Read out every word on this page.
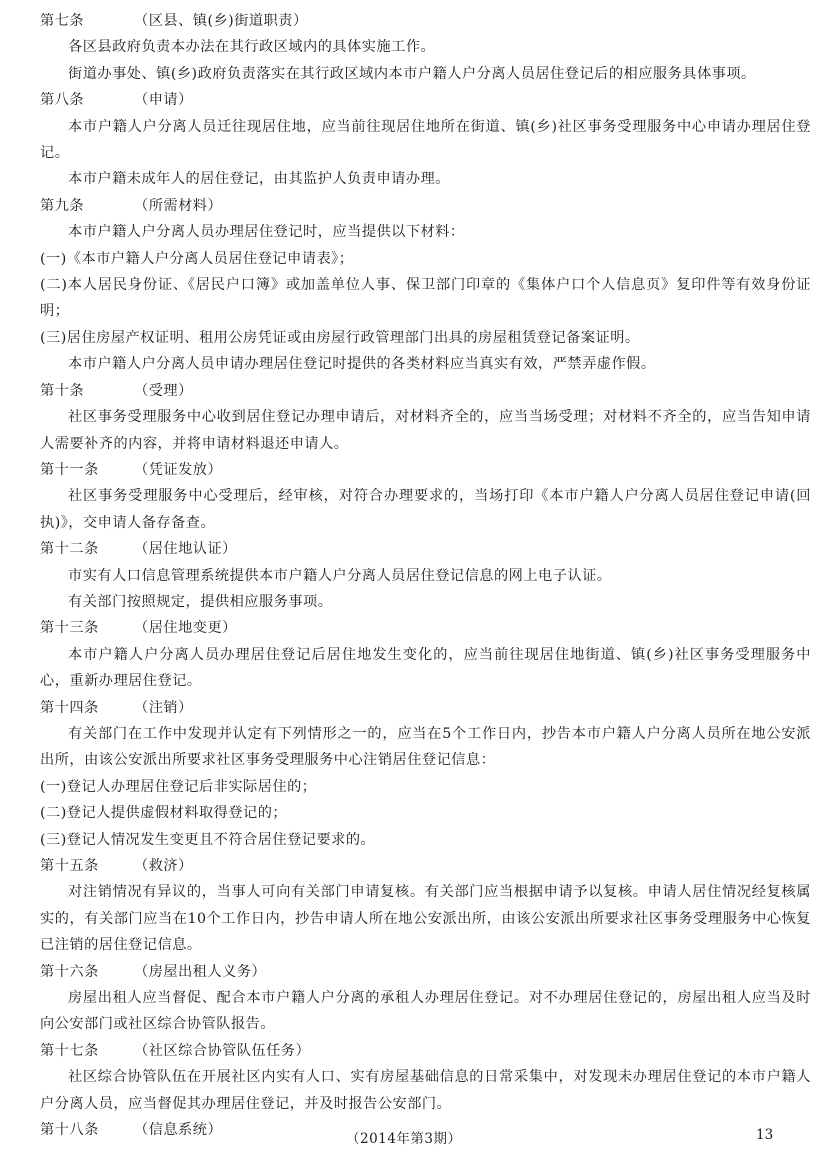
第七条	（区县、镇(乡)街道职责）

各区县政府负责本办法在其行政区域内的具体实施工作。

街道办事处、镇(乡)政府负责落实在其行政区域内本市户籍人户分离人员居住登记后的相应服务具体事项。

第八条	（申请）

本市户籍人户分离人员迁往现居住地，应当前往现居住地所在街道、镇(乡)社区事务受理服务中心申请办理居住登记。

本市户籍未成年人的居住登记，由其监护人负责申请办理。

第九条	（所需材料）

本市户籍人户分离人员办理居住登记时，应当提供以下材料：

(一)《本市户籍人户分离人员居住登记申请表》；

(二)本人居民身份证、《居民户口簿》或加盖单位人事、保卫部门印章的《集体户口个人信息页》复印件等有效身份证明；

(三)居住房屋产权证明、租用公房凭证或由房屋行政管理部门出具的房屋租赁登记备案证明。

本市户籍人户分离人员申请办理居住登记时提供的各类材料应当真实有效，严禁弄虚作假。

第十条	（受理）

社区事务受理服务中心收到居住登记办理申请后，对材料齐全的，应当当场受理；对材料不齐全的，应当告知申请人需要补齐的内容，并将申请材料退还申请人。

第十一条 （凭证发放）

社区事务受理服务中心受理后，经审核，对符合办理要求的，当场打印《本市户籍人户分离人员居住登记申请(回执)》，交申请人备存备查。

第十二条 （居住地认证）

市实有人口信息管理系统提供本市户籍人户分离人员居住登记信息的网上电子认证。

有关部门按照规定，提供相应服务事项。

第十三条 （居住地变更）

本市户籍人户分离人员办理居住登记后居住地发生变化的，应当前往现居住地街道、镇(乡)社区事务受理服务中心，重新办理居住登记。

第十四条 （注销）

有关部门在工作中发现并认定有下列情形之一的，应当在5个工作日内，抄告本市户籍人户分离人员所在地公安派出所，由该公安派出所要求社区事务受理服务中心注销居住登记信息：

(一)登记人办理居住登记后非实际居住的；

(二)登记人提供虚假材料取得登记的；

(三)登记人情况发生变更且不符合居住登记要求的。

第十五条 （救济）

对注销情况有异议的，当事人可向有关部门申请复核。有关部门应当根据申请予以复核。申请人居住情况经复核属实的，有关部门应当在10个工作日内，抄告申请人所在地公安派出所，由该公安派出所要求社区事务受理服务中心恢复已注销的居住登记信息。

第十六条 （房屋出租人义务）

房屋出租人应当督促、配合本市户籍人户分离的承租人办理居住登记。对不办理居住登记的，房屋出租人应当及时向公安部门或社区综合协管队报告。

第十七条 （社区综合协管队伍任务）

社区综合协管队伍在开展社区内实有人口、实有房屋基础信息的日常采集中，对发现未办理居住登记的本市户籍人户分离人员，应当督促其办理居住登记，并及时报告公安部门。

第十八条 （信息系统）
（2014年第3期）	13
